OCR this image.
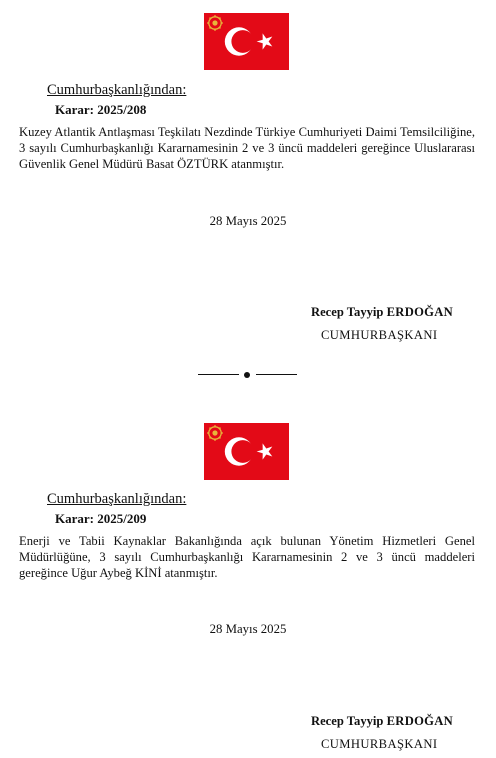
Cumhurbaşkanlığından:
Karar: 2025/208

Kuzey Atlantik Antlaşması Teşkilatı Nezdinde Türkiye Cumhuriyeti Daimi Temsilciliğine, 3 sayılı Cumhurbaşkanlığı Kararnamesinin 2 ve 3 üncü maddeleri gereğince Uluslararası Güvenlik Genel Müdürü Basat ÖZTÜRK atanmıştır.

28 Mayıs 2025
Recep Tayyip ERDOĞAN
CUMHURBAŞKANI
Cumhurbaşkanlığından:
Karar: 2025/209

Enerji ve Tabii Kaynaklar Bakanlığında açık bulunan Yönetim Hizmetleri Genel Müdürlüğüne, 3 sayılı Cumhurbaşkanlığı Kararnamesinin 2 ve 3 üncü maddeleri gereğince Uğur Aybeğ KİNİ atanmıştır.

28 Mayıs 2025
Recep Tayyip ERDOĞAN
CUMHURBAŞKANI
